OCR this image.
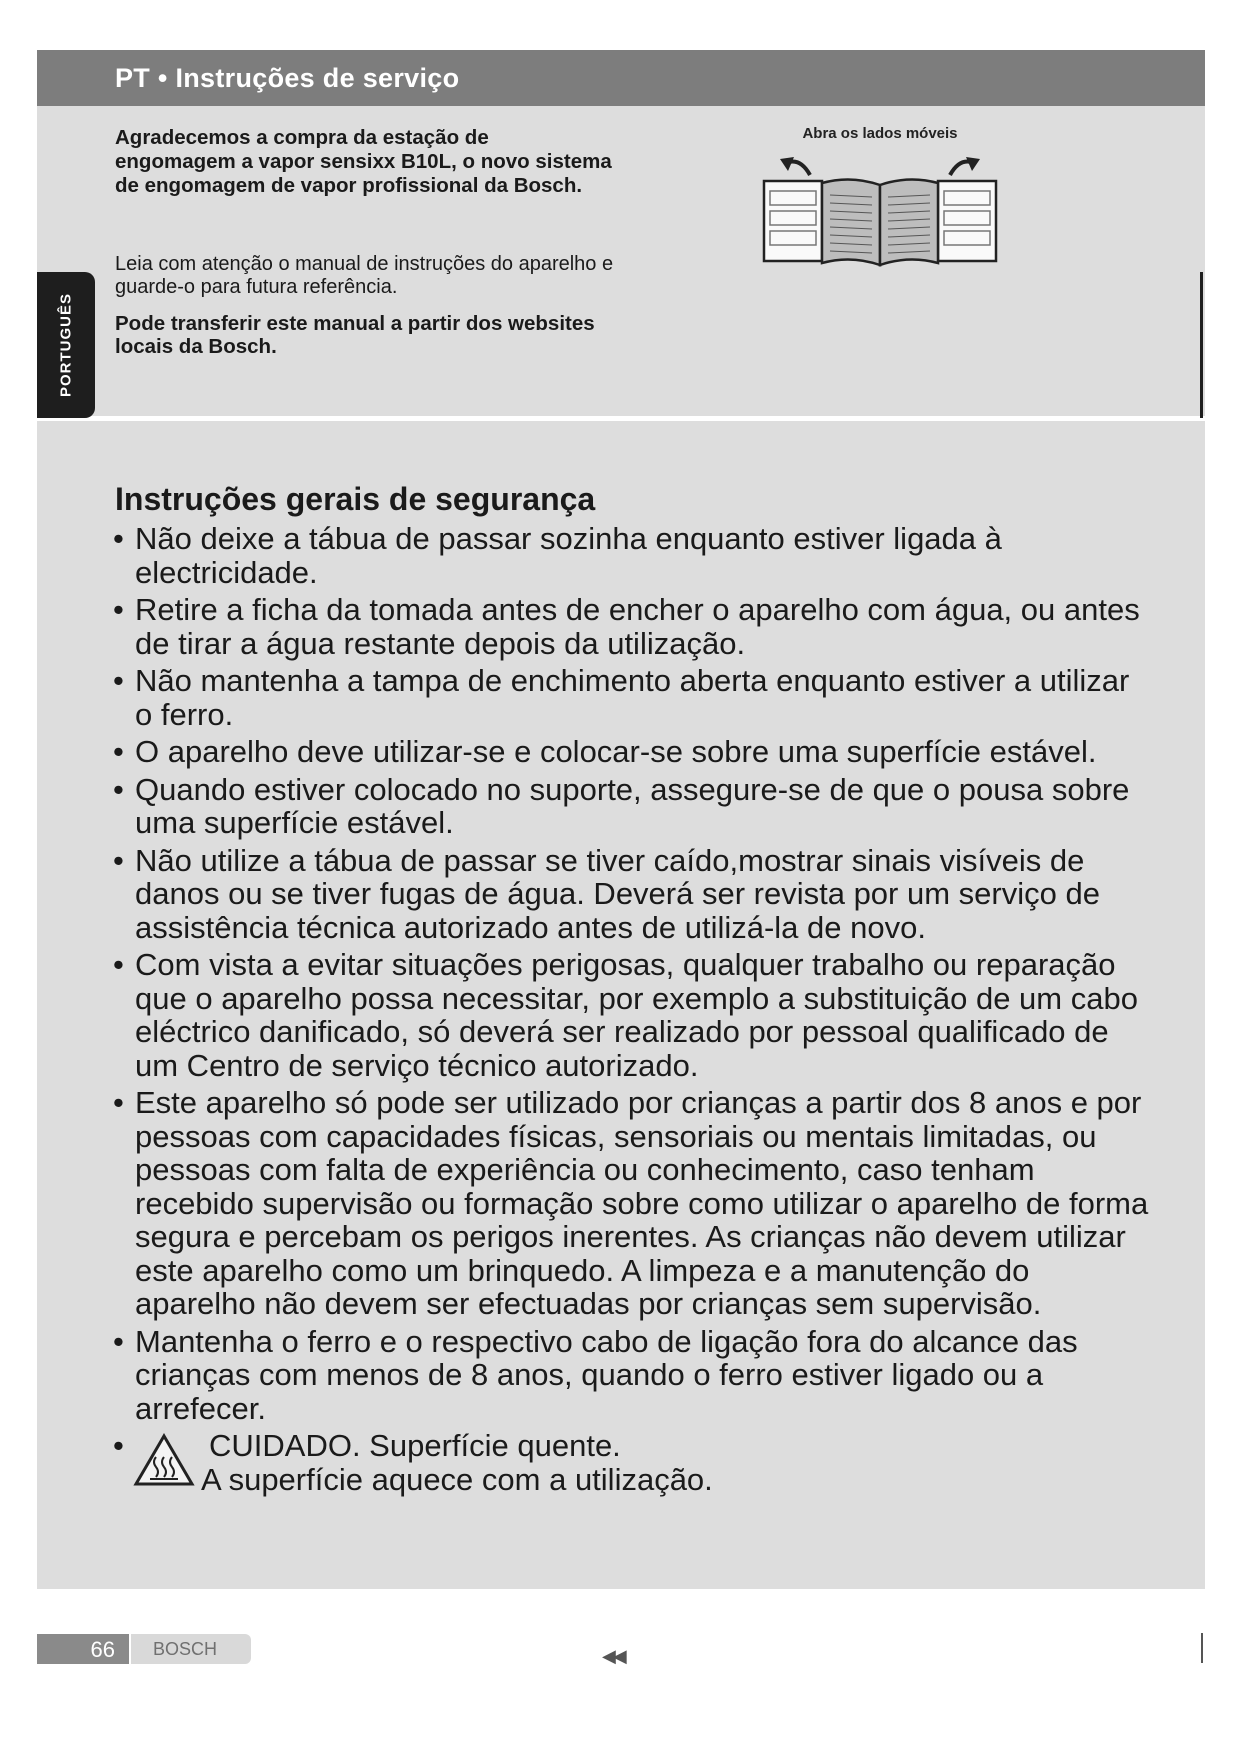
PT • Instruções de serviço
PORTUGUÊS
Agradecemos a compra da estação de engomagem a vapor sensixx B10L, o novo sistema de engomagem de vapor profissional da Bosch.
Leia com atenção o manual de instruções do aparelho e guarde-o para futura referência.
Pode transferir este manual a partir dos websites locais da Bosch.
Abra os lados móveis
Instruções gerais de segurança
• Não deixe a tábua de passar sozinha enquanto estiver ligada à electricidade.
• Retire a ficha da tomada antes de encher o aparelho com água, ou antes de tirar a água restante depois da utilização.
• Não mantenha a tampa de enchimento aberta enquanto estiver a utilizar o ferro.
• O aparelho deve utilizar-se e colocar-se sobre uma superfície estável.
• Quando estiver colocado no suporte, assegure-se de que o pousa sobre uma superfície estável.
• Não utilize a tábua de passar se tiver caído,mostrar sinais visíveis de danos ou se tiver fugas de água. Deverá ser revista por um serviço de assistência técnica autorizado antes de utilizá-la de novo.
• Com vista a evitar situações perigosas, qualquer trabalho ou reparação que o aparelho possa necessitar, por exemplo a substituição de um cabo eléctrico danificado, só deverá ser realizado por pessoal qualificado de um Centro de serviço técnico autorizado.
• Este aparelho só pode ser utilizado por crianças a partir dos 8 anos e por pessoas com capacidades físicas, sensoriais ou mentais limitadas, ou pessoas com falta de experiência ou conhecimento, caso tenham recebido supervisão ou formação sobre como utilizar o aparelho de forma segura e percebam os perigos inerentes. As crianças não devem utilizar este aparelho como um brinquedo. A limpeza e a manutenção do aparelho não devem ser efectuadas por crianças sem supervisão.
• Mantenha o ferro e o respectivo cabo de ligação fora do alcance das crianças com menos de 8 anos, quando o ferro estiver ligado ou a arrefecer.
•	CUIDADO. Superfície quente.
A superfície aquece com a utilização.
66 BOSCH	◀◀
